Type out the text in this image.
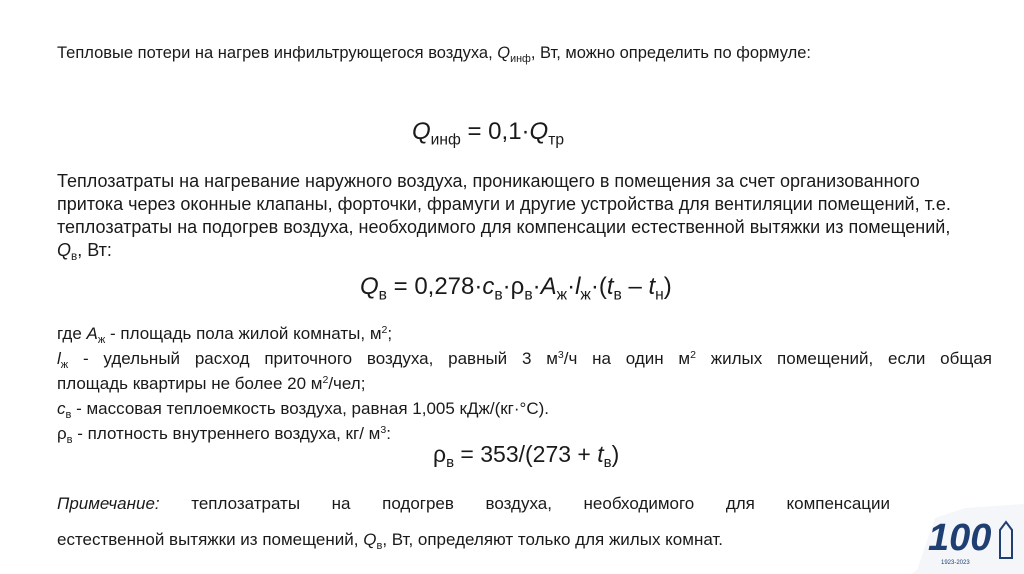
Тепловые потери на нагрев инфильтрующегося воздуха, $Q_{инф}$, Вт, можно определить по формуле:
$Q_{инф} = 0,1\cdot Q_{тр}$
Теплозатраты на нагревание наружного воздуха, проникающего в помещения за счет организованного притока через оконные клапаны, форточки, фрамуги и другие устройства для вентиляции помещений, т.е. теплозатраты на подогрев воздуха, необходимого для компенсации естественной вытяжки из помещений, $Q_в$, Вт:
$Q_в = 0,278\cdot c_в\cdot\rho_в\cdot A_ж\cdot l_ж\cdot(t_в - t_н)$

где $A_ж$ - площадь пола жилой комнаты, $м^2$;

$l_ж$ - удельный расход приточного воздуха, равный 3 $м^3/ч$ на один $м^2$ жилых помещений, если общая

площадь квартиры не более 20 $м^2$/чел;

$c_в$ - массовая теплоемкость воздуха, равная 1,005 кДж/(кг·°С).

$\rho_в$ - плотность внутреннего воздуха, кг/ $м^3$:

$\rho_в = 353/(273 + t_в)$
Примечание: теплозатраты на подогрев воздуха, необходимого для компенсации
естественной вытяжки из помещений, $Q_в$, Вт, определяют только для жилых комнат.	100
1923-2023
